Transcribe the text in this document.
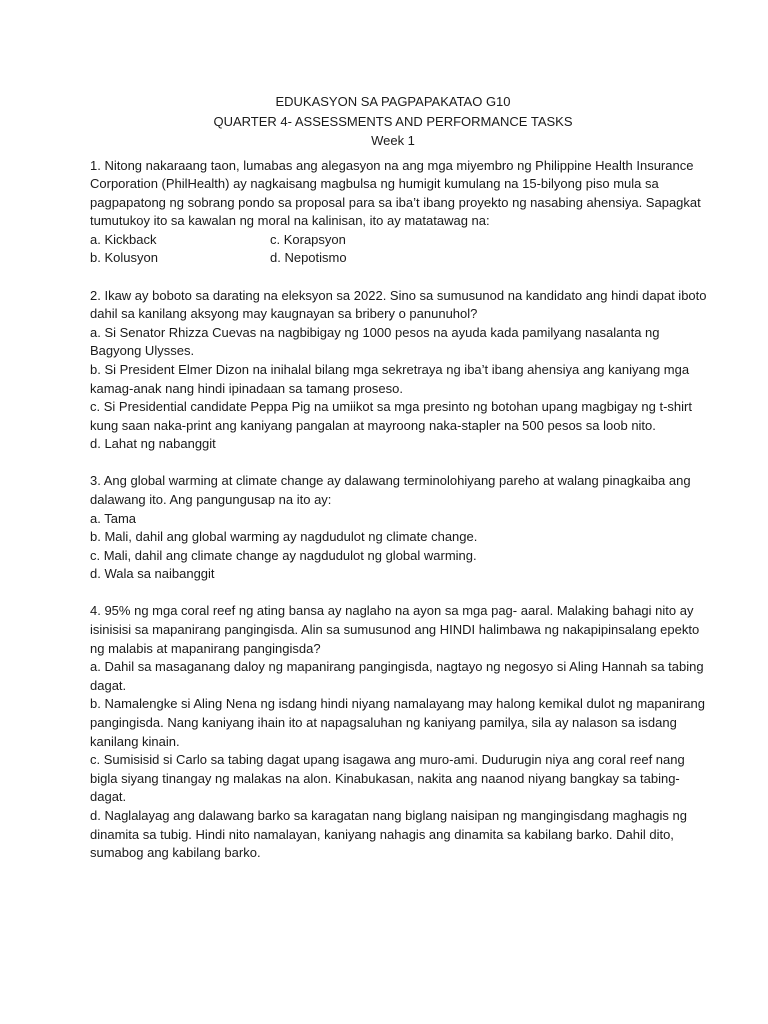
EDUKASYON SA PAGPAPAKATAO G10
QUARTER 4- ASSESSMENTS AND PERFORMANCE TASKS
Week 1
1. Nitong nakaraang taon, lumabas ang alegasyon na ang mga miyembro ng Philippine Health Insurance Corporation (PhilHealth) ay nagkaisang magbulsa ng humigit kumulang na 15-bilyong piso mula sa pagpapatong ng sobrang pondo sa proposal para sa iba’t ibang proyekto ng nasabing ahensiya. Sapagkat tumutukoy ito sa kawalan ng moral na kalinisan, ito ay matatawag na:
a. Kickback	c. Korapsyon
b. Kolusyon	d. Nepotismo
2. Ikaw ay boboto sa darating na eleksyon sa 2022. Sino sa sumusunod na kandidato ang hindi dapat iboto dahil sa kanilang aksyong may kaugnayan sa bribery o panunuhol?
a. Si Senator Rhizza Cuevas na nagbibigay ng 1000 pesos na ayuda kada pamilyang nasalanta ng Bagyong Ulysses.
b. Si President Elmer Dizon na inihalal bilang mga sekretraya ng iba’t ibang ahensiya ang kaniyang mga kamag-anak nang hindi ipinadaan sa tamang proseso.
c. Si Presidential candidate Peppa Pig na umiikot sa mga presinto ng botohan upang magbigay ng t-shirt kung saan naka-print ang kaniyang pangalan at mayroong naka-stapler na 500 pesos sa loob nito.
d. Lahat ng nabanggit
3. Ang global warming at climate change ay dalawang terminolohiyang pareho at walang pinagkaiba ang dalawang ito. Ang pangungusap na ito ay:
a. Tama
b. Mali, dahil ang global warming ay nagdudulot ng climate change.
c. Mali, dahil ang climate change ay nagdudulot ng global warming.
d. Wala sa naibanggit
4. 95% ng mga coral reef ng ating bansa ay naglaho na ayon sa mga pag- aaral. Malaking bahagi nito ay isinisisi sa mapanirang pangingisda. Alin sa sumusunod ang HINDI halimbawa ng nakapipinsalang epekto ng malabis at mapanirang pangingisda?
a. Dahil sa masaganang daloy ng mapanirang pangingisda, nagtayo ng negosyo si Aling Hannah sa tabing dagat.
b. Namalengke si Aling Nena ng isdang hindi niyang namalayang may halong kemikal dulot ng mapanirang pangingisda. Nang kaniyang ihain ito at napagsaluhan ng kaniyang pamilya, sila ay nalason sa isdang kanilang kinain.
c. Sumisisid si Carlo sa tabing dagat upang isagawa ang muro-ami. Dudurugin niya ang coral reef nang bigla siyang tinangay ng malakas na alon. Kinabukasan, nakita ang naanod niyang bangkay sa tabing-dagat.
d. Naglalayag ang dalawang barko sa karagatan nang biglang naisipan ng mangingisdang maghagis ng dinamita sa tubig. Hindi nito namalayan, kaniyang nahagis ang dinamita sa kabilang barko. Dahil dito, sumabog ang kabilang barko.
